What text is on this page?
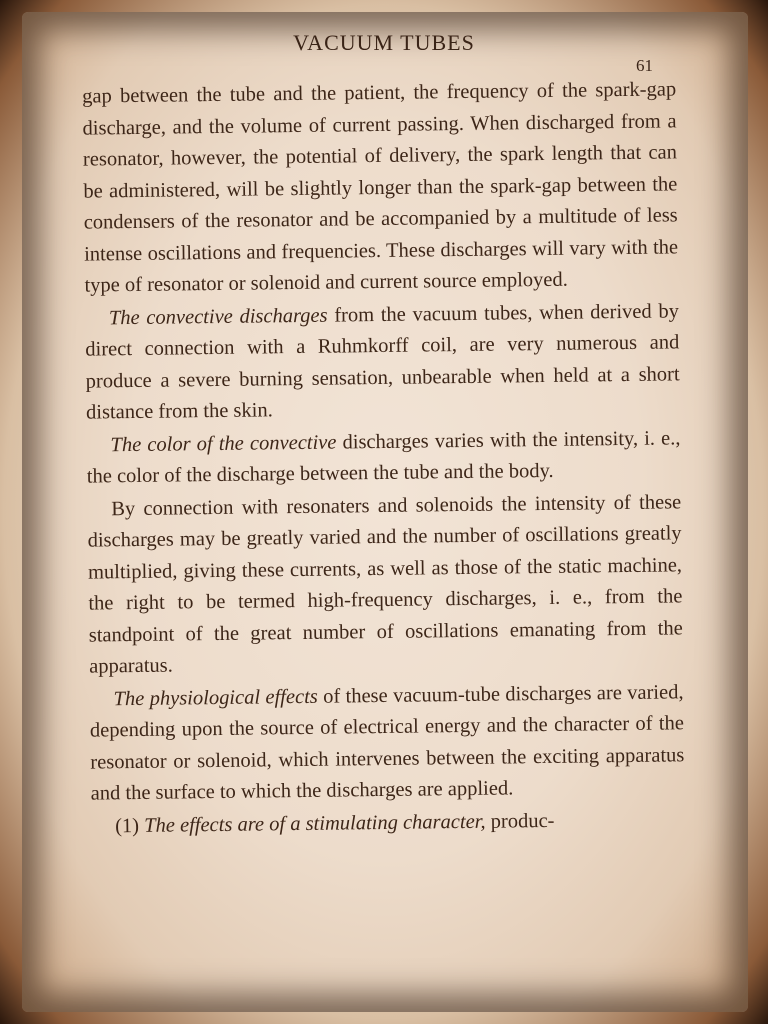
VACUUM TUBES
61

gap between the tube and the patient, the frequency of the spark-gap discharge, and the volume of current passing. When discharged from a resonator, however, the potential of delivery, the spark length that can be administered, will be slightly longer than the spark-gap between the condensers of the resonator and be accompanied by a multitude of less intense oscillations and frequencies. These discharges will vary with the type of resonator or solenoid and current source employed.

The convective discharges from the vacuum tubes, when derived by direct connection with a Ruhmkorff coil, are very numerous and produce a severe burning sensation, unbearable when held at a short distance from the skin.

The color of the convective discharges varies with the intensity, i. e., the color of the discharge between the tube and the body.

By connection with resonaters and solenoids the intensity of these discharges may be greatly varied and the number of oscillations greatly multiplied, giving these currents, as well as those of the static machine, the right to be termed high-frequency discharges, i. e., from the standpoint of the great number of oscillations emanating from the apparatus.

The physiological effects of these vacuum-tube discharges are varied, depending upon the source of electrical energy and the character of the resonator or solenoid, which intervenes between the exciting apparatus and the surface to which the discharges are applied.

(1) The effects are of a stimulating character, produc-
